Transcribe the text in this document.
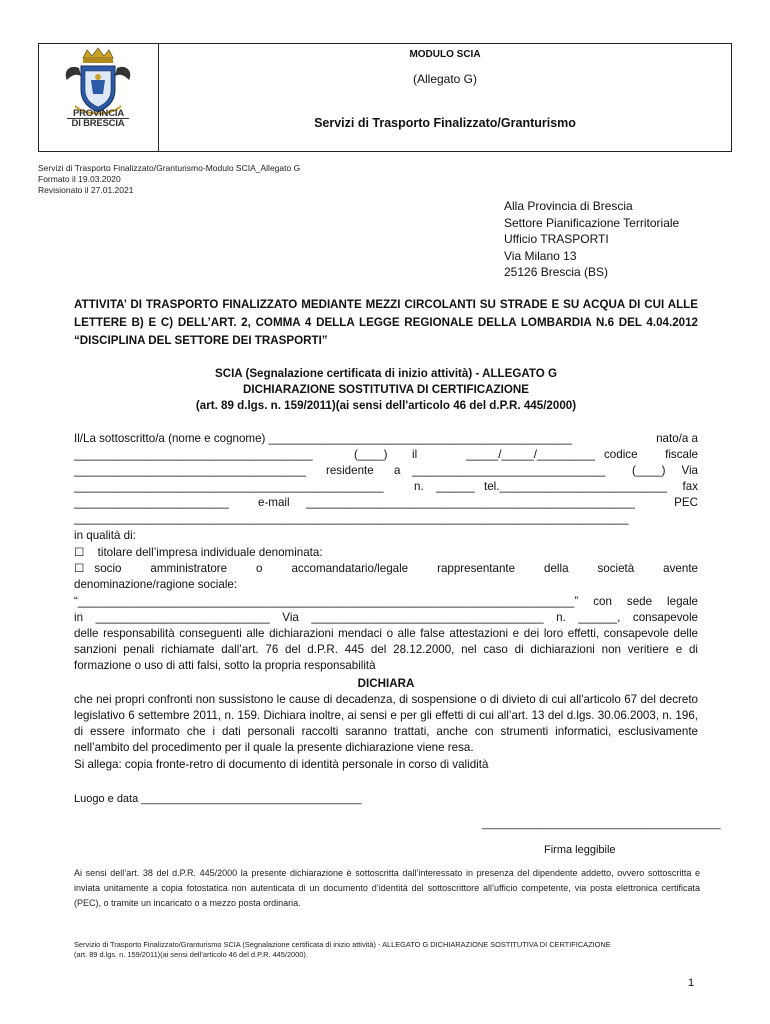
PROVINCIA
DI BRESCIA
MODULO SCIA
(Allegato G)
Servizi di Trasporto Finalizzato/Granturismo
Servizi di Trasporto Finalizzato/Granturismo-Modulo SCIA_Allegato G
Formato il 19.03.2020
Revisionato il 27.01.2021
Alla Provincia di Brescia
Settore Pianificazione Territoriale
Ufficio TRASPORTI
Via Milano 13
25126 Brescia (BS)
ATTIVITA’ DI TRASPORTO FINALIZZATO MEDIANTE MEZZI CIRCOLANTI SU STRADE E SU ACQUA DI CUI ALLE LETTERE B) E C) DELL’ART. 2, COMMA 4 DELLA LEGGE REGIONALE DELLA LOMBARDIA N.6 DEL 4.04.2012 “DISCIPLINA DEL SETTORE DEI TRASPORTI”
SCIA (Segnalazione certificata di inizio attività) - ALLEGATO G
DICHIARAZIONE SOSTITUTIVA DI CERTIFICAZIONE
(art. 89 d.lgs. n. 159/2011)(ai sensi dell'articolo 46 del d.P.R. 445/2000)
Il/La sottoscritto/a (nome e cognome) _______________________________________________	nato/a a
_____________________________________	(____) il	_____/_____/_________ codice fiscale
____________________________________ residente a ______________________________ (____) Via
________________________________________________	n. ______ tel.__________________________ fax
________________________	e-mail ___________________________________________________	PEC
______________________________________________________________________________________
in qualità di:
☐ titolare dell’impresa individuale denominata:
☐ socio amministratore o accomandatario/legale rappresentante della società avente
denominazione/ragione sociale:
“_____________________________________________________________________________” con sede legale
in ___________________________ Via ____________________________________ n. ______, consapevole
delle responsabilità conseguenti alle dichiarazioni mendaci o alle false attestazioni e dei loro effetti, consapevole delle sanzioni penali richiamate dall’art. 76 del d.P.R. 445 del 28.12.2000, nel caso di dichiarazioni non veritiere e di formazione o uso di atti falsi, sotto la propria responsabilità
DICHIARA
che nei propri confronti non sussistono le cause di decadenza, di sospensione o di divieto di cui all'articolo 67 del decreto legislativo 6 settembre 2011, n. 159. Dichiara inoltre, ai sensi e per gli effetti di cui all’art. 13 del d.lgs. 30.06.2003, n. 196, di essere informato che i dati personali raccolti saranno trattati, anche con strumenti informatici, esclusivamente nell’ambito del procedimento per il quale la presente dichiarazione viene resa.
Si allega: copia fronte-retro di documento di identità personale in corso di validità
Luogo e data ____________________________________
_______________________________________
Firma leggibile
Ai sensi dell’art. 38 del d.P.R. 445/2000 la presente dichiarazione è sottoscritta dall’interessato in presenza del dipendente addetto, ovvero sottoscritta e inviata unitamente a copia fotostatica non autenticata di un documento d’identità del sottoscrittore all’ufficio competente, via posta elettronica certificata (PEC), o tramite un incaricato o a mezzo posta ordinaria.
Servizio di Trasporto Finalizzato/Granturismo SCIA (Segnalazione certificata di inizio attività) - ALLEGATO G DICHIARAZIONE SOSTITUTIVA DI CERTIFICAZIONE
(art. 89 d.lgs. n. 159/2011)(ai sensi dell’articolo 46 del d.P.R. 445/2000).
1
